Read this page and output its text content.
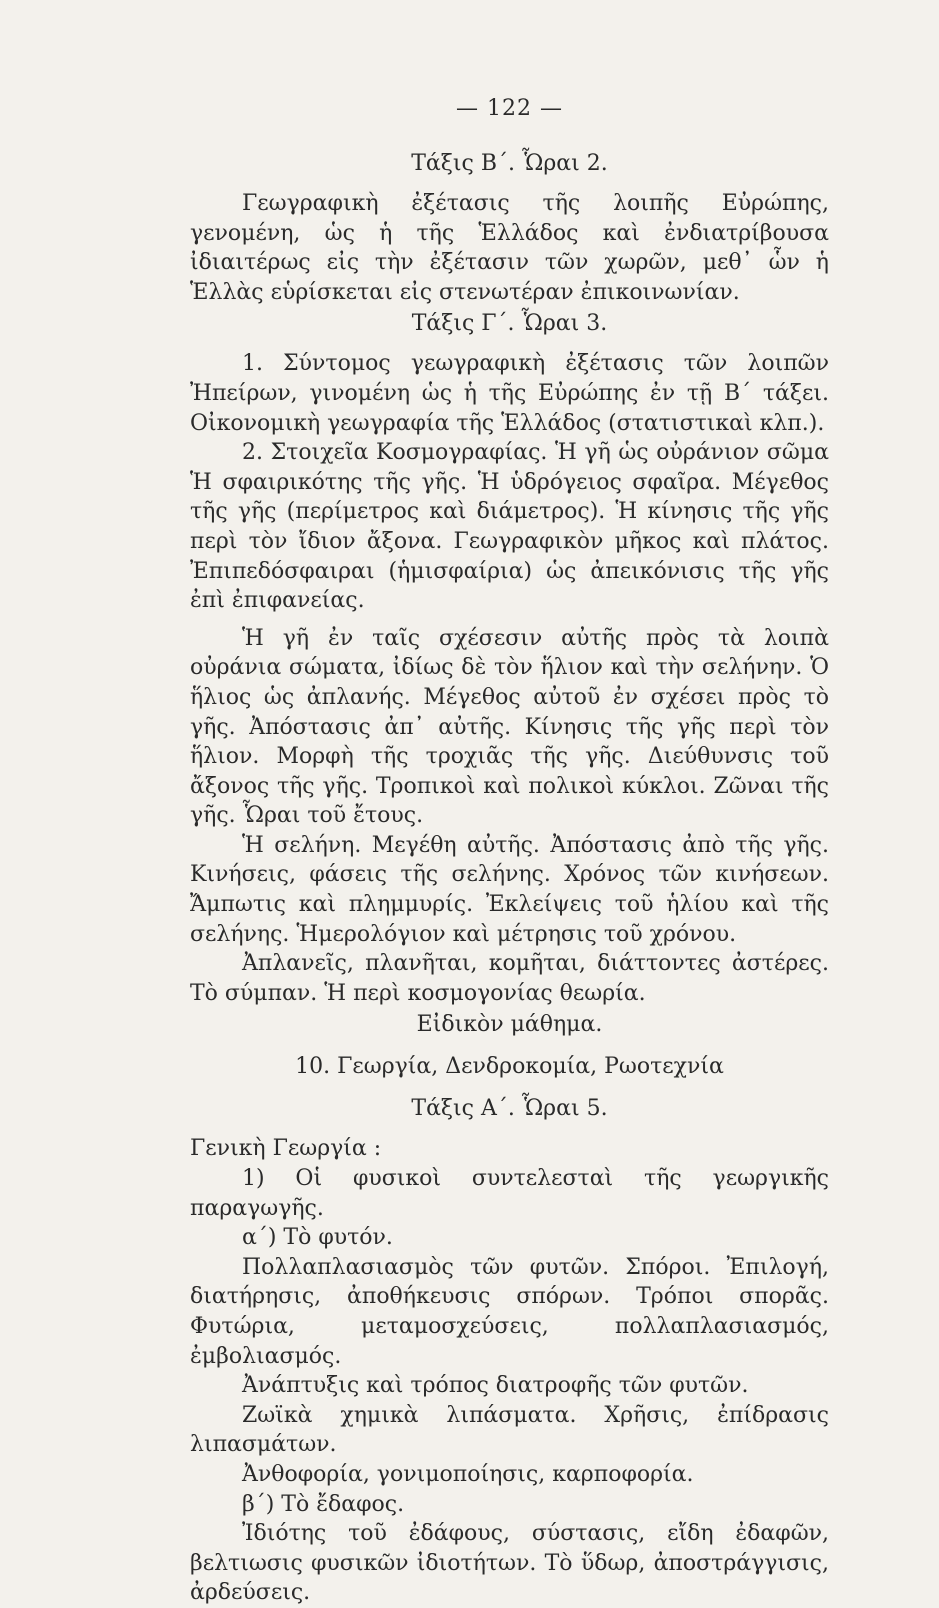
— 122 —
Τάξις Β΄. Ὧραι 2.

Γεωγραφικὴ ἐξέτασις τῆς λοιπῆς Εὐρώπης, γενομένη, ὡς ἡ τῆς Ἑλλάδος καὶ ἐνδιατρίβουσα ἰδιαιτέρως εἰς τὴν ἐξέτασιν τῶν χωρῶν, μεθ᾽ ὧν ἡ Ἑλλὰς εὑρίσκεται εἰς στενωτέραν ἐπικοινωνίαν.

Τάξις Γ΄. Ὧραι 3.

1. Σύντομος γεωγραφικὴ ἐξέτασις τῶν λοιπῶν Ἠπείρων, γινομένη ὡς ἡ τῆς Εὐρώπης ἐν τῇ Β΄ τάξει. Οἰκονομικὴ γεωγραφία τῆς Ἑλλάδος (στατιστικαὶ κλπ.).

2. Στοιχεῖα Κοσμογραφίας. Ἡ γῆ ὡς οὐράνιον σῶμα Ἡ σφαιρικότης τῆς γῆς. Ἡ ὑδρόγειος σφαῖρα. Μέγεθος τῆς γῆς (περίμετρος καὶ διάμετρος). Ἡ κίνησις τῆς γῆς περὶ τὸν ἴδιον ἄξονα. Γεωγραφικὸν μῆκος καὶ πλάτος. Ἐπιπεδόσφαιραι (ἡμισφαίρια) ὡς ἀπεικόνισις τῆς γῆς ἐπὶ ἐπιφανείας.

Ἡ γῆ ἐν ταῖς σχέσεσιν αὐτῆς πρὸς τὰ λοιπὰ οὐράνια σώματα, ἰδίως δὲ τὸν ἥλιον καὶ τὴν σελήνην. Ὁ ἥλιος ὡς ἀπλανής. Μέγεθος αὐτοῦ ἐν σχέσει πρὸς τὸ γῆς. Ἀπόστασις ἀπ᾽ αὐτῆς. Κίνησις τῆς γῆς περὶ τὸν ἥλιον. Μορφὴ τῆς τροχιᾶς τῆς γῆς. Διεύθυνσις τοῦ ἄξονος τῆς γῆς. Τροπικοὶ καὶ πολικοὶ κύκλοι. Ζῶναι τῆς γῆς. Ὧραι τοῦ ἔτους.

Ἡ σελήνη. Μεγέθη αὐτῆς. Ἀπόστασις ἀπὸ τῆς γῆς. Κινήσεις, φάσεις τῆς σελήνης. Χρόνος τῶν κινήσεων. Ἄμπωτις καὶ πλημμυρίς. Ἐκλείψεις τοῦ ἡλίου καὶ τῆς σελήνης. Ἡμερολόγιον καὶ μέτρησις τοῦ χρόνου.

Ἀπλανεῖς, πλανῆται, κομῆται, διάττοντες ἀστέρες. Τὸ σύμπαν. Ἡ περὶ κοσμογονίας θεωρία.

Εἰδικὸν μάθημα.
10. Γεωργία, Δενδροκομία, Ρωοτεχνία
Τάξις Α΄. Ὧραι 5.

Γενικὴ Γεωργία :

1) Οἱ φυσικοὶ συντελεσταὶ τῆς γεωργικῆς παραγωγῆς.

α΄) Τὸ φυτόν.

Πολλαπλασιασμὸς τῶν φυτῶν. Σπόροι. Ἐπιλογή, διατήρησις, ἀποθήκευσις σπόρων. Τρόποι σπορᾶς. Φυτώρια, μεταμοσχεύσεις, πολλαπλασιασμός, ἐμβολιασμός.

Ἀνάπτυξις καὶ τρόπος διατροφῆς τῶν φυτῶν.

Ζωϊκὰ χημικὰ λιπάσματα. Χρῆσις, ἐπίδρασις λιπασμάτων.

Ἀνθοφορία, γονιμοποίησις, καρποφορία.

β΄) Τὸ ἔδαφος.

Ἰδιότης τοῦ ἐδάφους, σύστασις, εἴδη ἐδαφῶν, βελτιωσις φυσικῶν ἰδιοτήτων. Τὸ ὕδωρ, ἀποστράγγισις, ἀρδεύσεις.
